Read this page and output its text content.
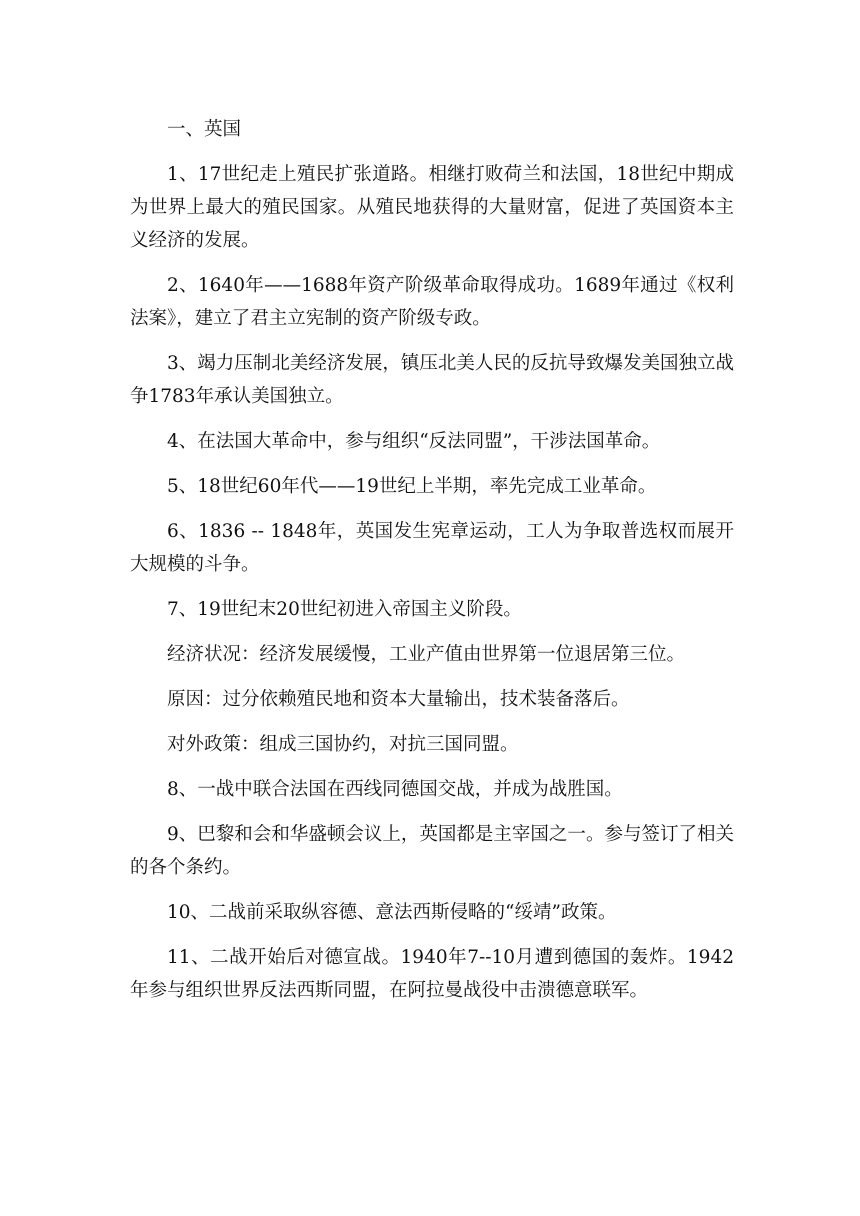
一、英国

1、17世纪走上殖民扩张道路。相继打败荷兰和法国，18世纪中期成为世界上最大的殖民国家。从殖民地获得的大量财富，促进了英国资本主义经济的发展。

2、1640年——1688年资产阶级革命取得成功。1689年通过《权利法案》，建立了君主立宪制的资产阶级专政。

3、竭力压制北美经济发展，镇压北美人民的反抗导致爆发美国独立战争1783年承认美国独立。

4、在法国大革命中，参与组织“反法同盟”，干涉法国革命。

5、18世纪60年代——19世纪上半期，率先完成工业革命。

6、1836 -- 1848年，英国发生宪章运动，工人为争取普选权而展开大规模的斗争。

7、19世纪末20世纪初进入帝国主义阶段。

经济状况：经济发展缓慢，工业产值由世界第一位退居第三位。

原因：过分依赖殖民地和资本大量输出，技术装备落后。

对外政策：组成三国协约，对抗三国同盟。

8、一战中联合法国在西线同德国交战，并成为战胜国。

9、巴黎和会和华盛顿会议上，英国都是主宰国之一。参与签订了相关的各个条约。

10、二战前采取纵容德、意法西斯侵略的“绥靖”政策。

11、二战开始后对德宣战。1940年7--10月遭到德国的轰炸。1942年参与组织世界反法西斯同盟，在阿拉曼战役中击溃德意联军。
